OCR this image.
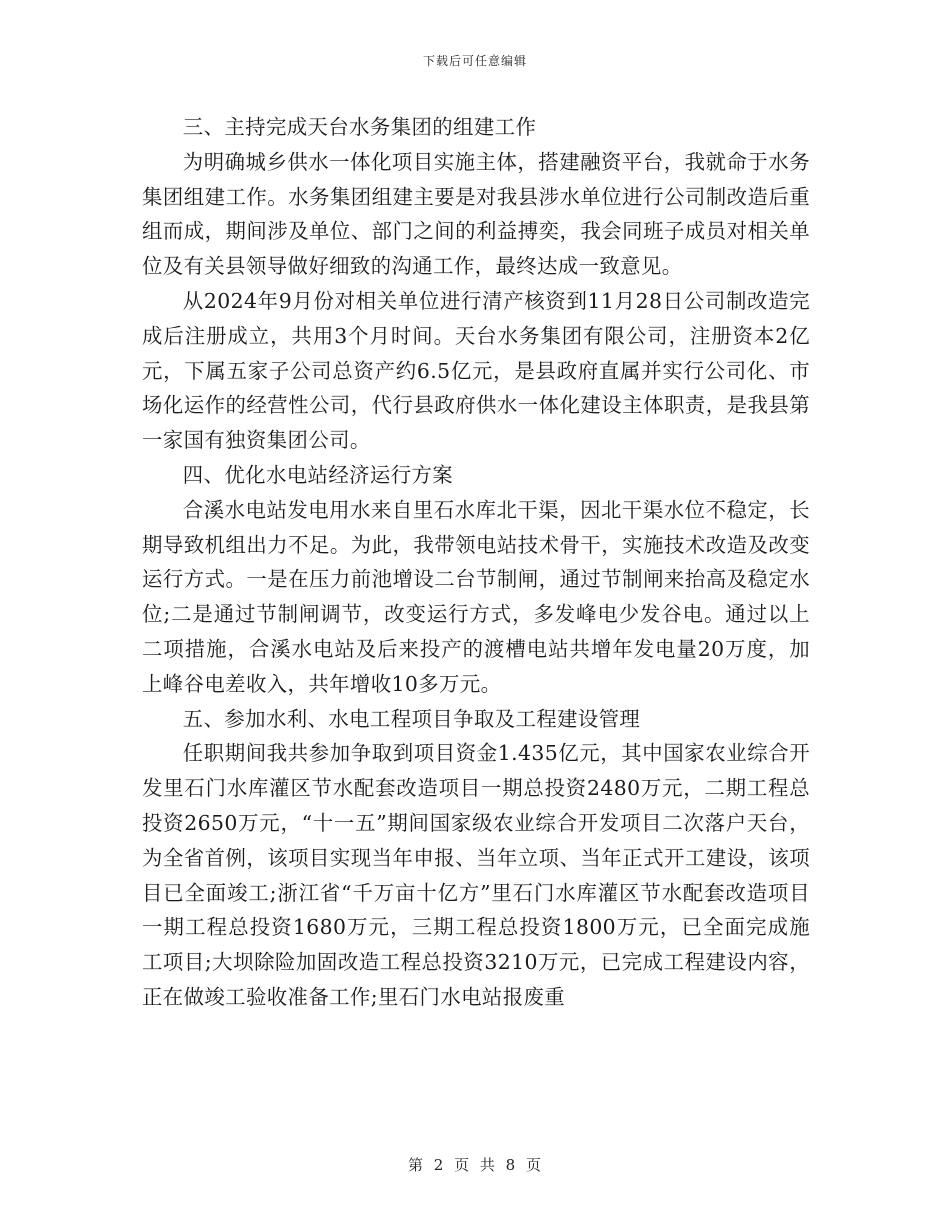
下载后可任意编辑

三、主持完成天台水务集团的组建工作

为明确城乡供水一体化项目实施主体，搭建融资平台，我就命于水务集团组建工作。水务集团组建主要是对我县涉水单位进行公司制改造后重组而成，期间涉及单位、部门之间的利益搏奕，我会同班子成员对相关单位及有关县领导做好细致的沟通工作，最终达成一致意见。

从2024年9月份对相关单位进行清产核资到11月28日公司制改造完成后注册成立，共用3个月时间。天台水务集团有限公司，注册资本2亿元，下属五家子公司总资产约6.5亿元，是县政府直属并实行公司化、市场化运作的经营性公司，代行县政府供水一体化建设主体职责，是我县第一家国有独资集团公司。

四、优化水电站经济运行方案

合溪水电站发电用水来自里石水库北干渠，因北干渠水位不稳定，长期导致机组出力不足。为此，我带领电站技术骨干，实施技术改造及改变运行方式。一是在压力前池增设二台节制闸，通过节制闸来抬高及稳定水位;二是通过节制闸调节，改变运行方式，多发峰电少发谷电。通过以上二项措施，合溪水电站及后来投产的渡槽电站共增年发电量20万度，加上峰谷电差收入，共年增收10多万元。

五、参加水利、水电工程项目争取及工程建设管理

任职期间我共参加争取到项目资金1.435亿元，其中国家农业综合开发里石门水库灌区节水配套改造项目一期总投资2480万元，二期工程总投资2650万元，“十一五”期间国家级农业综合开发项目二次落户天台，为全省首例，该项目实现当年申报、当年立项、当年正式开工建设，该项目已全面竣工;浙江省“千万亩十亿方”里石门水库灌区节水配套改造项目一期工程总投资1680万元，三期工程总投资1800万元，已全面完成施工项目;大坝除险加固改造工程总投资3210万元，已完成工程建设内容，正在做竣工验收准备工作;里石门水电站报废重

第 2 页 共 8 页
